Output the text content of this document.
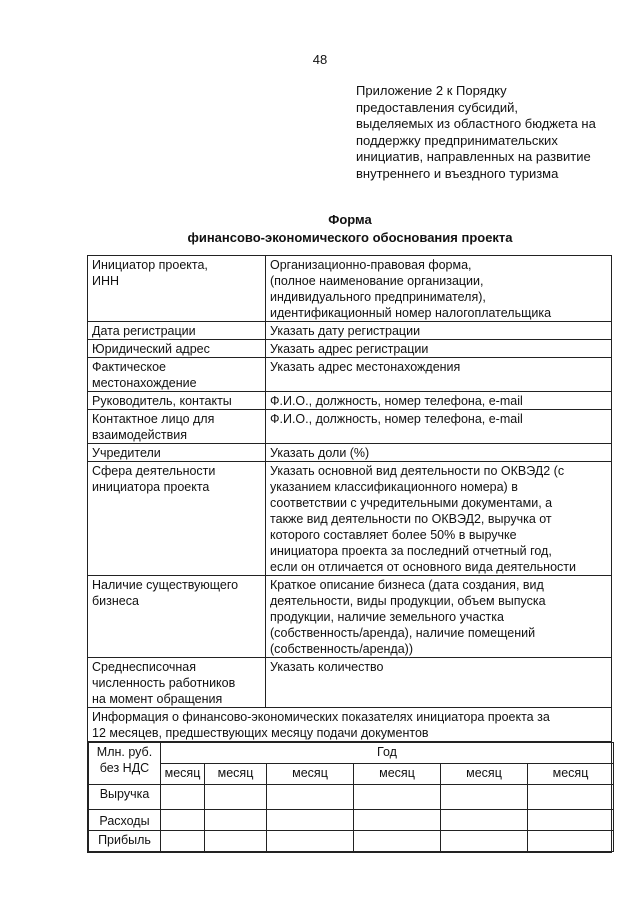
48
Приложение 2 к Порядку
предоставления субсидий,
выделяемых из областного бюджета на
поддержку предпринимательских
инициатив, направленных на развитие
внутреннего и въездного туризма
Форма
финансово-экономического обоснования проекта
Инициатор проекта,
ИНН	Организационно-правовая форма,
(полное наименование организации,
индивидуального предпринимателя),
идентификационный номер налогоплательщика
Дата регистрации	Указать дату регистрации
Юридический адрес	Указать адрес регистрации
Фактическое
местонахождение	Указать адрес местонахождения
Руководитель, контакты	Ф.И.О., должность, номер телефона, e-mail
Контактное лицо для
взаимодействия	Ф.И.О., должность, номер телефона, e-mail
Учредители	Указать доли (%)
Сфера деятельности
инициатора проекта	Указать основной вид деятельности по ОКВЭД2 (с
указанием классификационного номера) в
соответствии с учредительными документами, а
также вид деятельности по ОКВЭД2, выручка от
которого составляет более 50% в выручке
инициатора проекта за последний отчетный год,
если он отличается от основного вида деятельности
Наличие существующего
бизнеса	Краткое описание бизнеса (дата создания, вид
деятельности, виды продукции, объем выпуска
продукции, наличие земельного участка
(собственность/аренда), наличие помещений
(собственность/аренда))
Среднесписочная
численность работников
на момент обращения	Указать количество
Информация о финансово-экономических показателях инициатора проекта за
12 месяцев, предшествующих месяцу подачи документов

Млн. руб.
без НДС	Год
месяц	месяц	месяц	месяц	месяц	месяц
Выручка						
Расходы						
Прибыль						
